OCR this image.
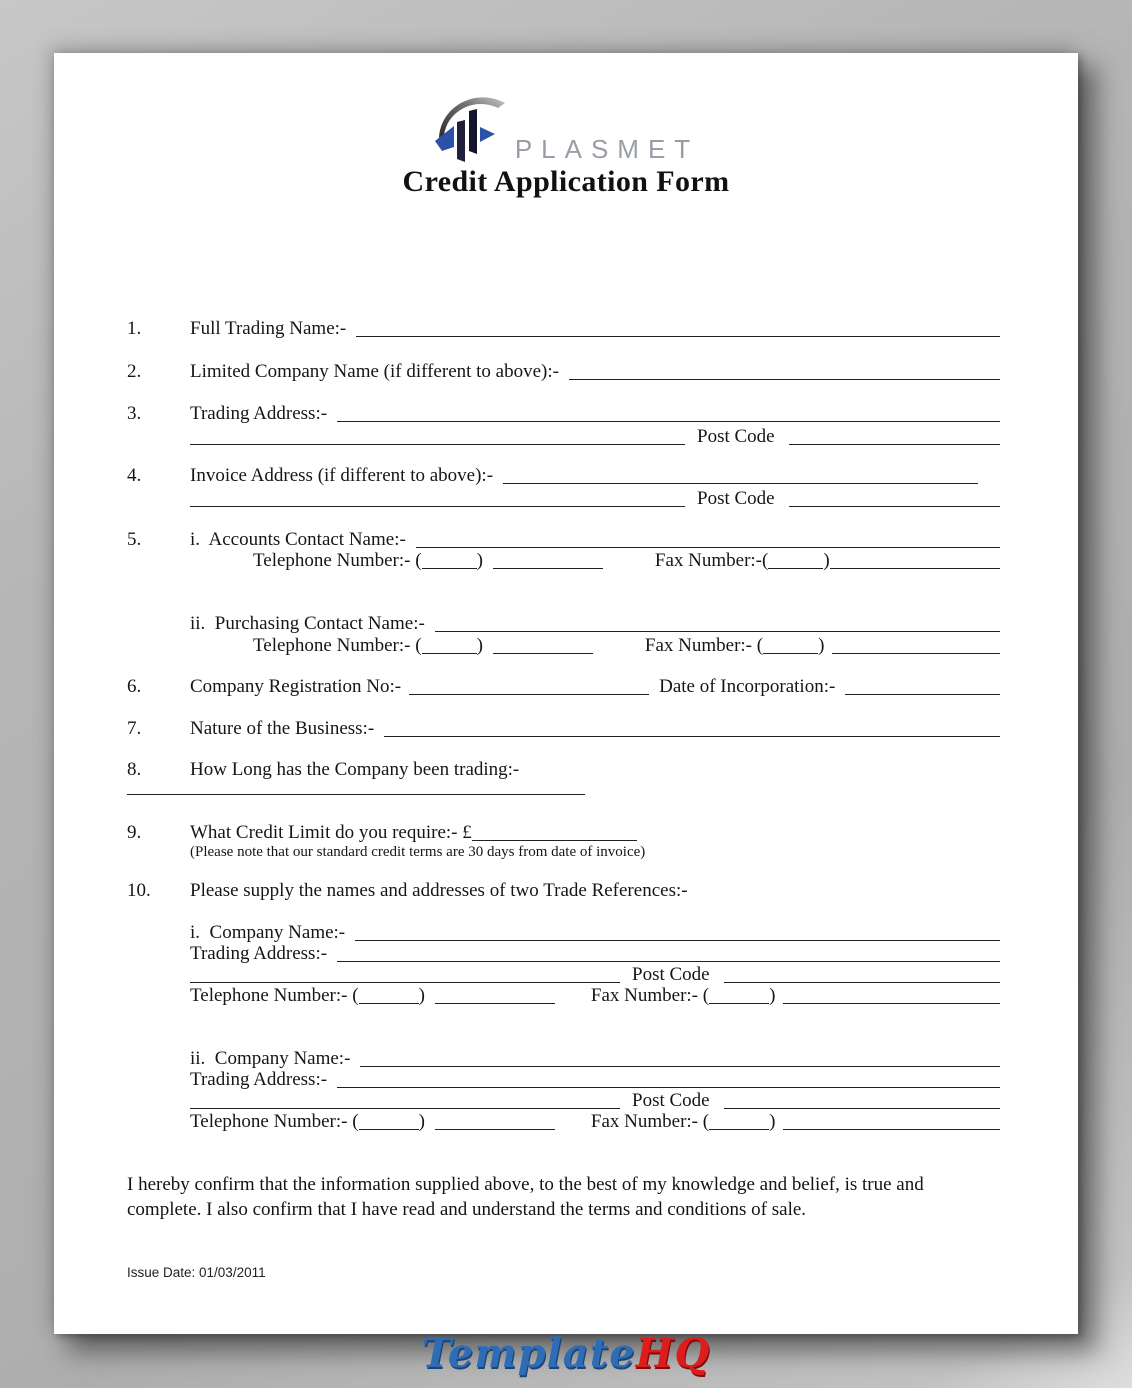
PLASMET
Credit Application Form
1.	Full Trading Name:-
2.	Limited Company Name (if different to above):-
3.	Trading Address:-
Post Code
4.	Invoice Address (if different to above):-
Post Code
5.	i.  Accounts Contact Name:-
Telephone Number:- (	)	Fax Number:-(	)
ii.  Purchasing Contact Name:-
Telephone Number:- (	)	Fax Number:- (	)
6.	Company Registration No:-	Date of Incorporation:-
7.	Nature of the Business:-
8.	How Long has the Company been trading:-
9.	What Credit Limit do you require:- £
(Please note that our standard credit terms are 30 days from date of invoice)
10.	Please supply the names and addresses of two Trade References:-
i.  Company Name:-
Trading Address:-
Post Code
Telephone Number:- (	)	Fax Number:- (	)
ii.  Company Name:-
Trading Address:-
Post Code
Telephone Number:- (	)	Fax Number:- (	)
I hereby confirm that the information supplied above, to the best of my knowledge and belief, is true and
complete. I also confirm that I have read and understand the terms and conditions of sale.
Issue Date: 01/03/2011
TemplateHQ
